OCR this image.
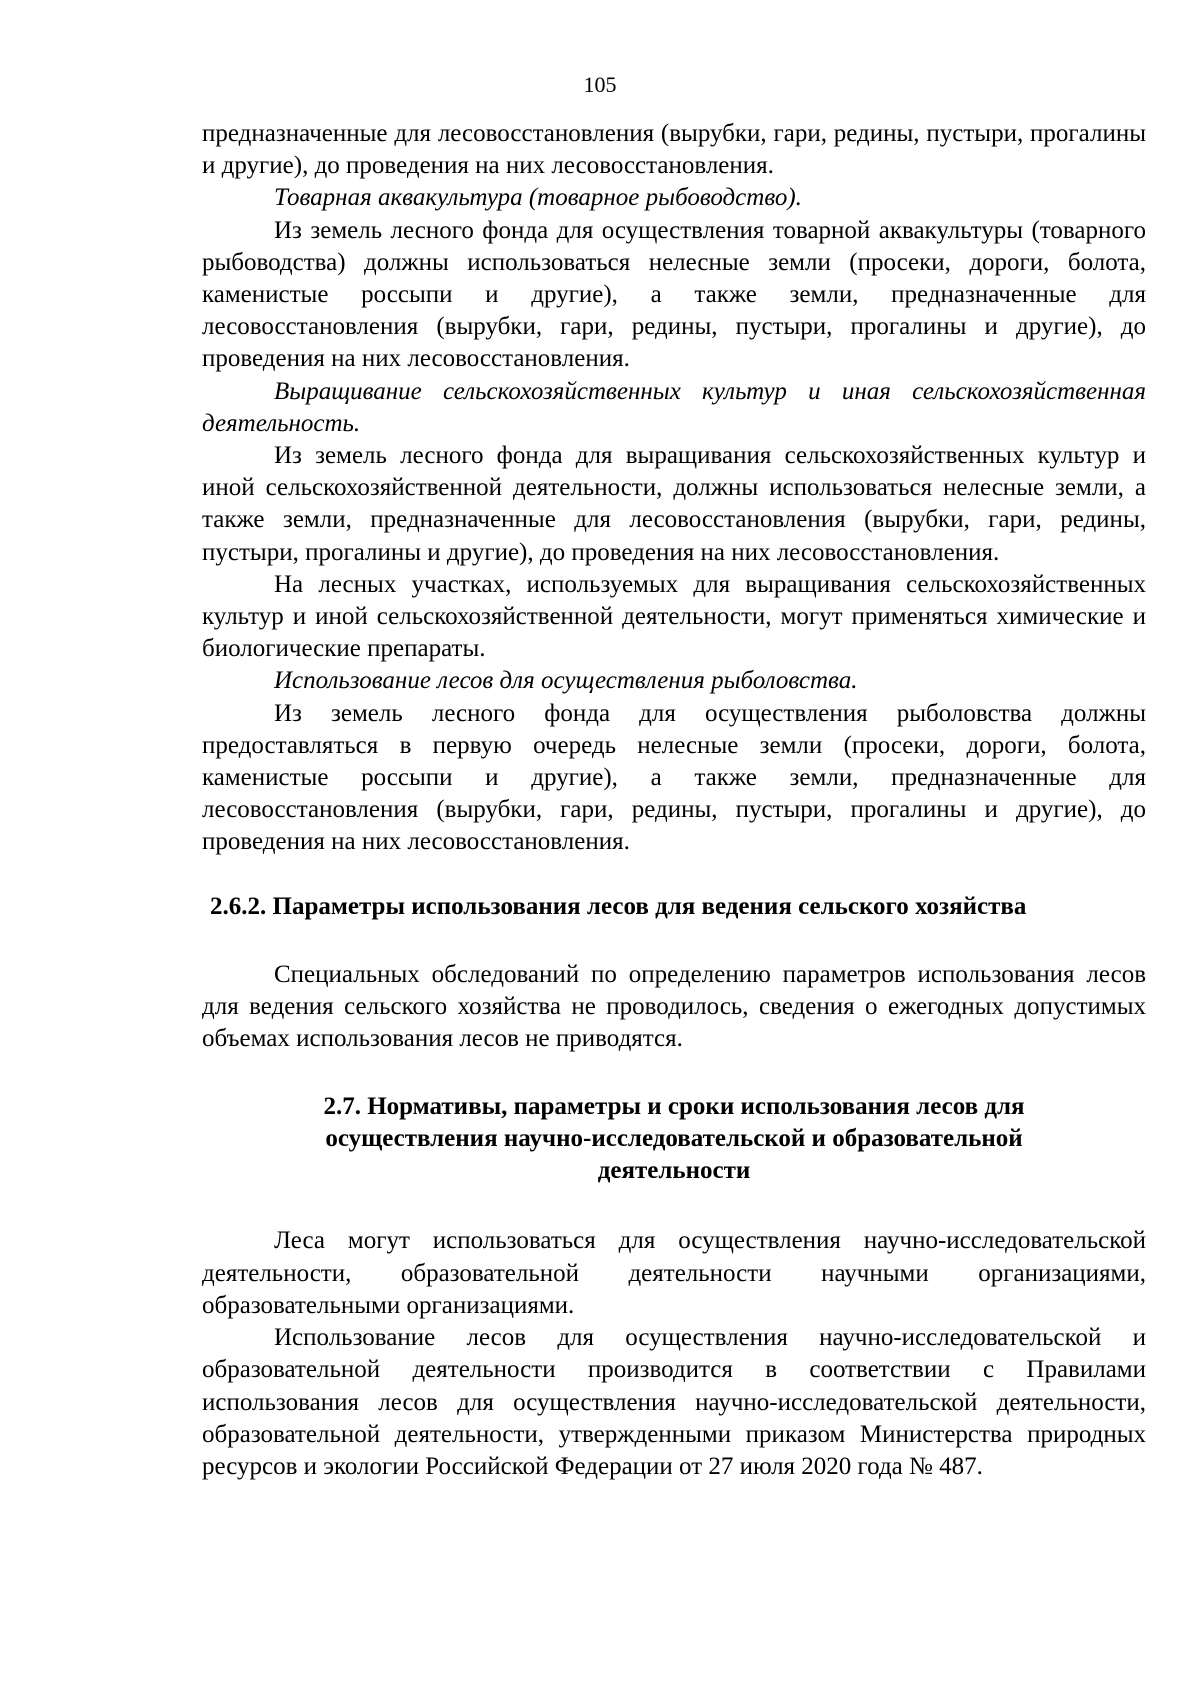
105

предназначенные для лесовосстановления (вырубки, гари, редины, пустыри, прогалины и другие), до проведения на них лесовосстановления.

Товарная аквакультура (товарное рыбоводство).

Из земель лесного фонда для осуществления товарной аквакультуры (товарного рыбоводства) должны использоваться нелесные земли (просеки, дороги, болота, каменистые россыпи и другие), а также земли, предназначенные для лесовосстановления (вырубки, гари, редины, пустыри, прогалины и другие), до проведения на них лесовосстановления.

Выращивание сельскохозяйственных культур и иная сельскохозяйственная деятельность.

Из земель лесного фонда для выращивания сельскохозяйственных культур и иной сельскохозяйственной деятельности, должны использоваться нелесные земли, а также земли, предназначенные для лесовосстановления (вырубки, гари, редины, пустыри, прогалины и другие), до проведения на них лесовосстановления.

На лесных участках, используемых для выращивания сельскохозяйственных культур и иной сельскохозяйственной деятельности, могут применяться химические и биологические препараты.

Использование лесов для осуществления рыболовства.

Из земель лесного фонда для осуществления рыболовства должны предоставляться в первую очередь нелесные земли (просеки, дороги, болота, каменистые россыпи и другие), а также земли, предназначенные для лесовосстановления (вырубки, гари, редины, пустыри, прогалины и другие), до проведения на них лесовосстановления.

2.6.2. Параметры использования лесов для ведения сельского хозяйства

Специальных обследований по определению параметров использования лесов для ведения сельского хозяйства не проводилось, сведения о ежегодных допустимых объемах использования лесов не приводятся.

2.7. Нормативы, параметры и сроки использования лесов для осуществления научно-исследовательской и образовательной деятельности

Леса могут использоваться для осуществления научно-исследовательской деятельности, образовательной деятельности научными организациями, образовательными организациями.

Использование лесов для осуществления научно-исследовательской и образовательной деятельности производится в соответствии с Правилами использования лесов для осуществления научно-исследовательской деятельности, образовательной деятельности, утвержденными приказом Министерства природных ресурсов и экологии Российской Федерации от 27 июля 2020 года № 487.
